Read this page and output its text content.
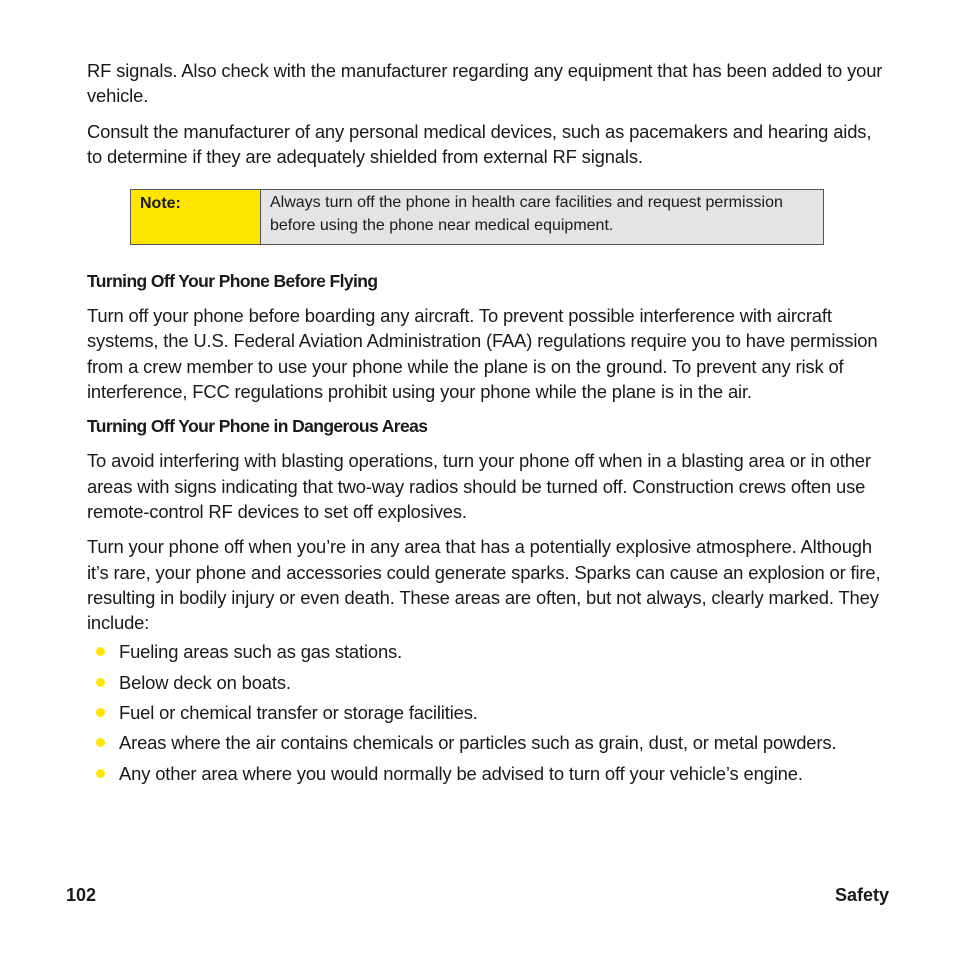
RF signals. Also check with the manufacturer regarding any equipment that has been added to your vehicle.

Consult the manufacturer of any personal medical devices, such as pacemakers and hearing aids, to determine if they are adequately shielded from external RF signals.

Note:	Always turn off the phone in health care facilities and request permission before using the phone near medical equipment.
Turning Off Your Phone Before Flying

Turn off your phone before boarding any aircraft. To prevent possible interference with aircraft systems, the U.S. Federal Aviation Administration (FAA) regulations require you to have permission from a crew member to use your phone while the plane is on the ground. To prevent any risk of interference, FCC regulations prohibit using your phone while the plane is in the air.

Turning Off Your Phone in Dangerous Areas

To avoid interfering with blasting operations, turn your phone off when in a blasting area or in other areas with signs indicating that two-way radios should be turned off. Construction crews often use remote-control RF devices to set off explosives.

Turn your phone off when you’re in any area that has a potentially explosive atmosphere. Although it’s rare, your phone and accessories could generate sparks. Sparks can cause an explosion or fire, resulting in bodily injury or even death. These areas are often, but not always, clearly marked. They include:

Fueling areas such as gas stations.
Below deck on boats.
Fuel or chemical transfer or storage facilities.
Areas where the air contains chemicals or particles such as grain, dust, or metal powders.
Any other area where you would normally be advised to turn off your vehicle’s engine.
102	Safety
